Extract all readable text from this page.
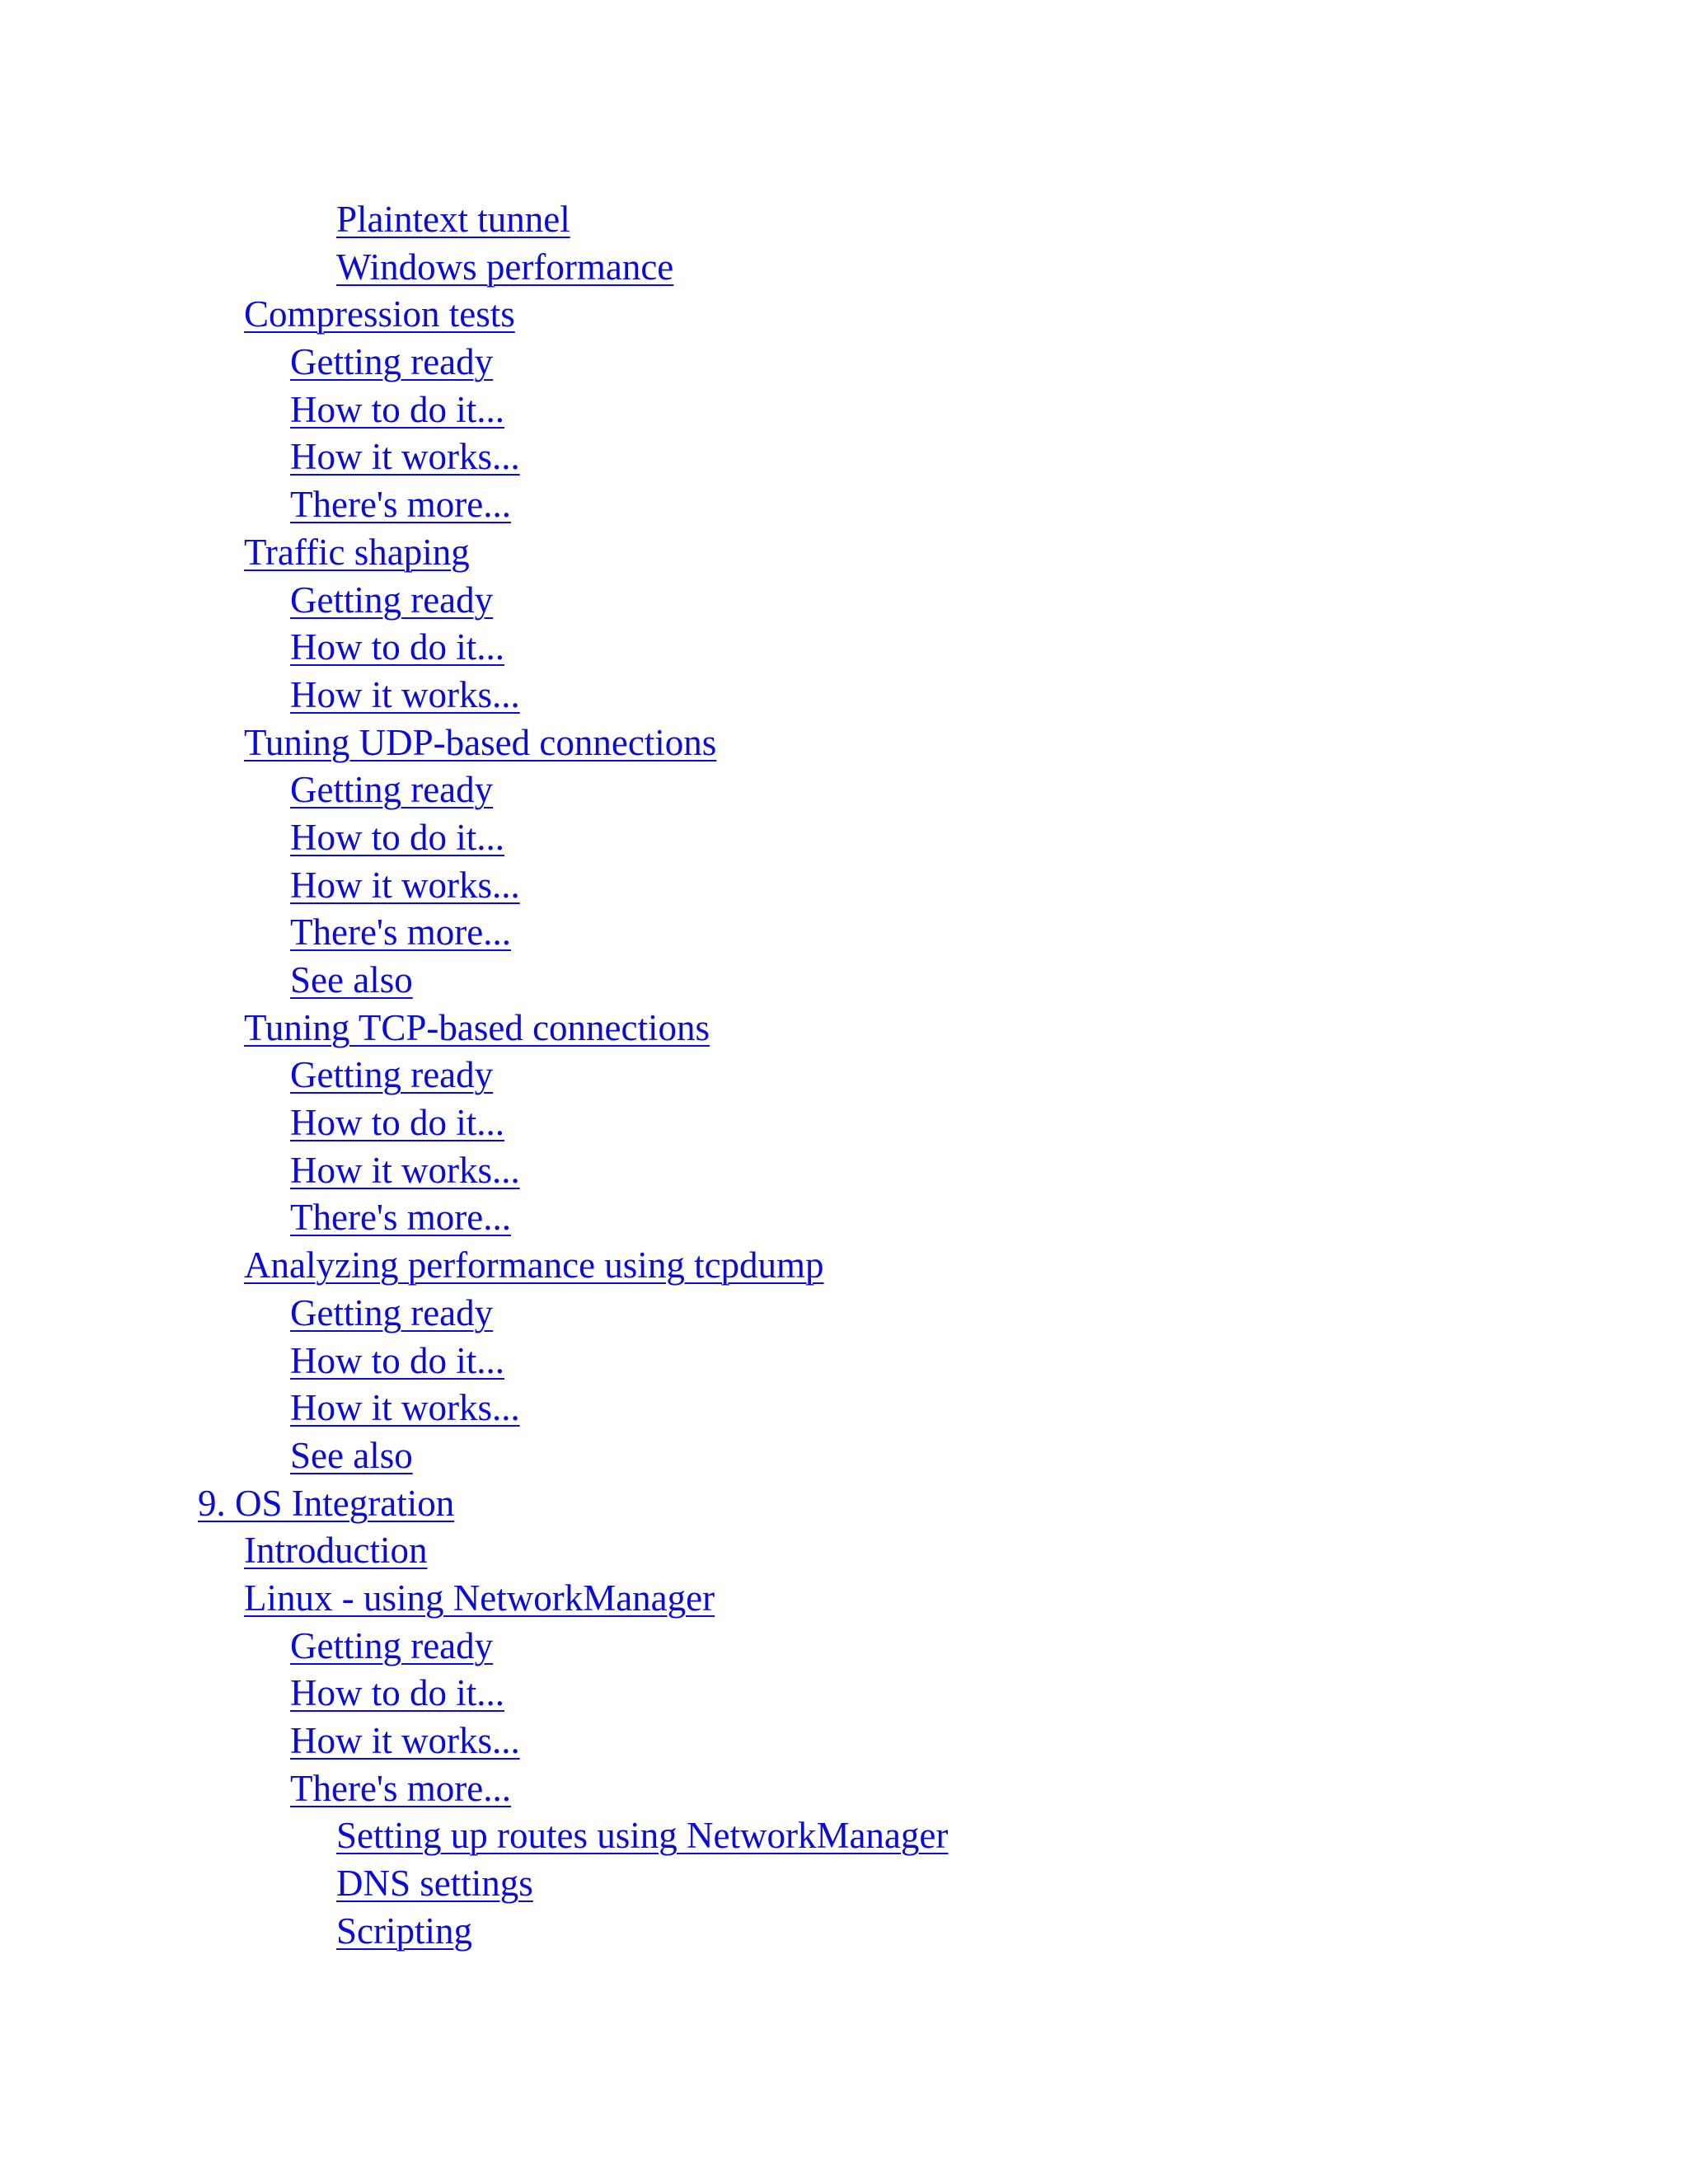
Plaintext tunnel
Windows performance
Compression tests
Getting ready
How to do it...
How it works...
There's more...
Traffic shaping
Getting ready
How to do it...
How it works...
Tuning UDP-based connections
Getting ready
How to do it...
How it works...
There's more...
See also
Tuning TCP-based connections
Getting ready
How to do it...
How it works...
There's more...
Analyzing performance using tcpdump
Getting ready
How to do it...
How it works...
See also
9. OS Integration
Introduction
Linux - using NetworkManager
Getting ready
How to do it...
How it works...
There's more...
Setting up routes using NetworkManager
DNS settings
Scripting
